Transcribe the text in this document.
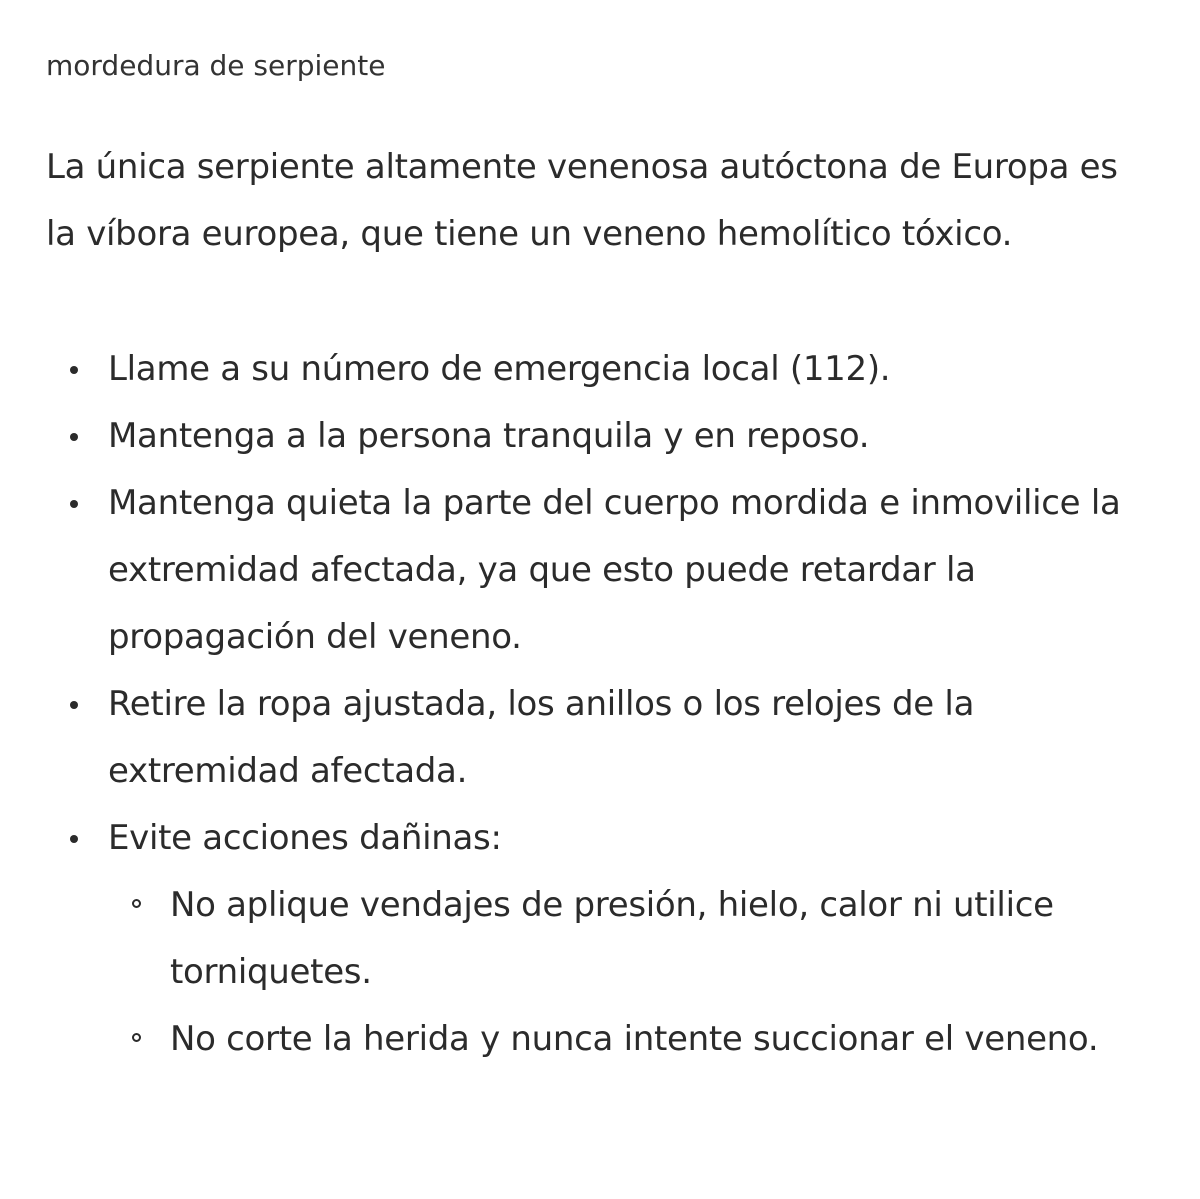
mordedura de serpiente

La única serpiente altamente venenosa autóctona de Europa es la víbora europea, que tiene un veneno hemolítico tóxico.

Llame a su número de emergencia local (112).
Mantenga a la persona tranquila y en reposo.
Mantenga quieta la parte del cuerpo mordida e inmovilice la extremidad afectada, ya que esto puede retardar la propagación del veneno.
Retire la ropa ajustada, los anillos o los relojes de la extremidad afectada.
Evite acciones dañinas:
No aplique vendajes de presión, hielo, calor ni utilice torniquetes.
No corte la herida y nunca intente succionar el veneno.
